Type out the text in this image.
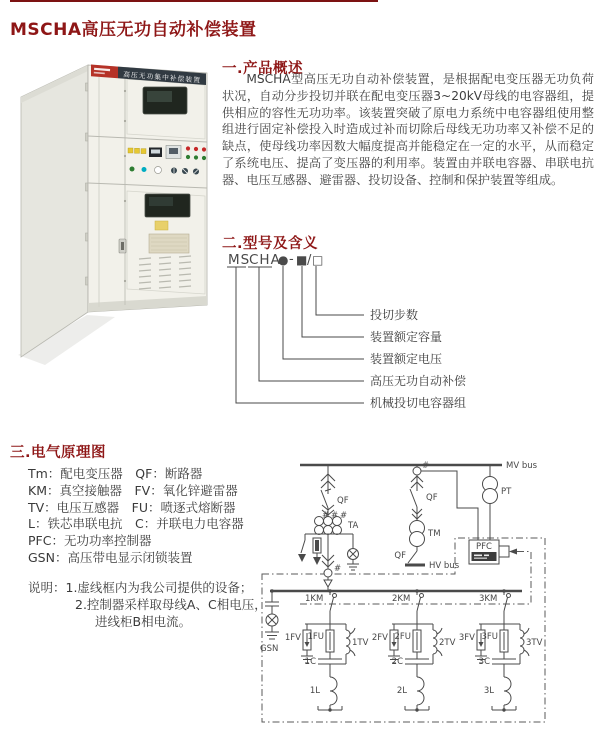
MSCHA高压无功自动补偿装置
高压无功集中补偿装置
一.产品概述

MSCHA型高压无功自动补偿装置，是根据配电变压器无功负荷状况，自动分步投切并联在配电变压器3~20kV母线的电容器组，提供相应的容性无功功率。该装置突破了原电力系统中电容器组使用整组进行固定补偿投入时造成过补而切除后母线无功功率又补偿不足的缺点，使母线功率因数大幅度提高并能稳定在一定的水平，从而稳定了系统电压、提高了变压器的利用率。装置由并联电容器、串联电抗器、电压互感器、避雷器、投切设备、控制和保护装置等组成。

二.型号及含义
MS
CHA
● - ■ / □
投切步数
装置额定容量
装置额定电压
高压无功自动补偿
机械投切电容器组
三.电气原理图
Tm：配电变压器　QF：断路器
KM：真空接触器　FV：氧化锌避雷器
TV：电压互感器　FU：喷逐式熔断器
L：铁芯串联电抗　C：并联电力电容器
PFC：无功功率控制器
GSN：高压带电显示闭锁装置
说明：1.虚线框内为我公司提供的设备；
2.控制器采样取母线A、C相电压，
进线柜B相电流。
MV bus
QF
# # #
TA
#
#
QF
TM
QF
HV bus
PT
PFC
GSN
1KM
1FV 1FU
1TV
1C
1L
2KM
2FV 2FU
2TV
2C
2L
3KM
3FV 3FU
3TV
3C
3L
